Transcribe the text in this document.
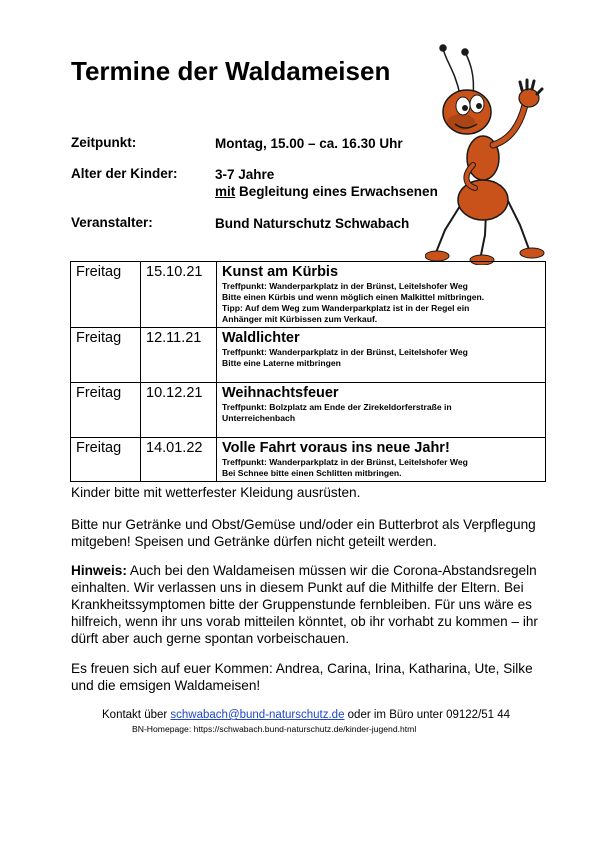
Termine der Waldameisen
Zeitpunkt:	Montag, 15.00 – ca. 16.30 Uhr
Alter der Kinder:	3-7 Jahre
mit Begleitung eines Erwachsenen
Veranstalter:	Bund Naturschutz Schwabach
Freitag	15.10.21	Kunst am Kürbis
Treffpunkt: Wanderparkplatz in der Brünst, Leitelshofer Weg
Bitte einen Kürbis und wenn möglich einen Malkittel mitbringen.
Tipp: Auf dem Weg zum Wanderparkplatz ist in der Regel ein
Anhänger mit Kürbissen zum Verkauf.

Freitag	12.11.21	Waldlichter
Treffpunkt: Wanderparkplatz in der Brünst, Leitelshofer Weg
Bitte eine Laterne mitbringen

Freitag	10.12.21	Weihnachtsfeuer
Treffpunkt: Bolzplatz am Ende der Zirekeldorferstraße in
Unterreichenbach

Freitag	14.01.22	Volle Fahrt voraus ins neue Jahr!
Treffpunkt: Wanderparkplatz in der Brünst, Leitelshofer Weg
Bei Schnee bitte einen Schlitten mitbringen.
Kinder bitte mit wetterfester Kleidung ausrüsten.
Bitte nur Getränke und Obst/Gemüse und/oder ein Butterbrot als Verpflegung mitgeben! Speisen und Getränke dürfen nicht geteilt werden.
Hinweis: Auch bei den Waldameisen müssen wir die Corona-Abstandsregeln einhalten. Wir verlassen uns in diesem Punkt auf die Mithilfe der Eltern. Bei Krankheitssymptomen bitte der Gruppenstunde fernbleiben. Für uns wäre es hilfreich, wenn ihr uns vorab mitteilen könntet, ob ihr vorhabt zu kommen – ihr dürft aber auch gerne spontan vorbeischauen.
Es freuen sich auf euer Kommen: Andrea, Carina, Irina, Katharina, Ute, Silke und die emsigen Waldameisen!
Kontakt über schwabach@bund-naturschutz.de oder im Büro unter 09122/51 44
BN-Homepage: https://schwabach.bund-naturschutz.de/kinder-jugend.html
